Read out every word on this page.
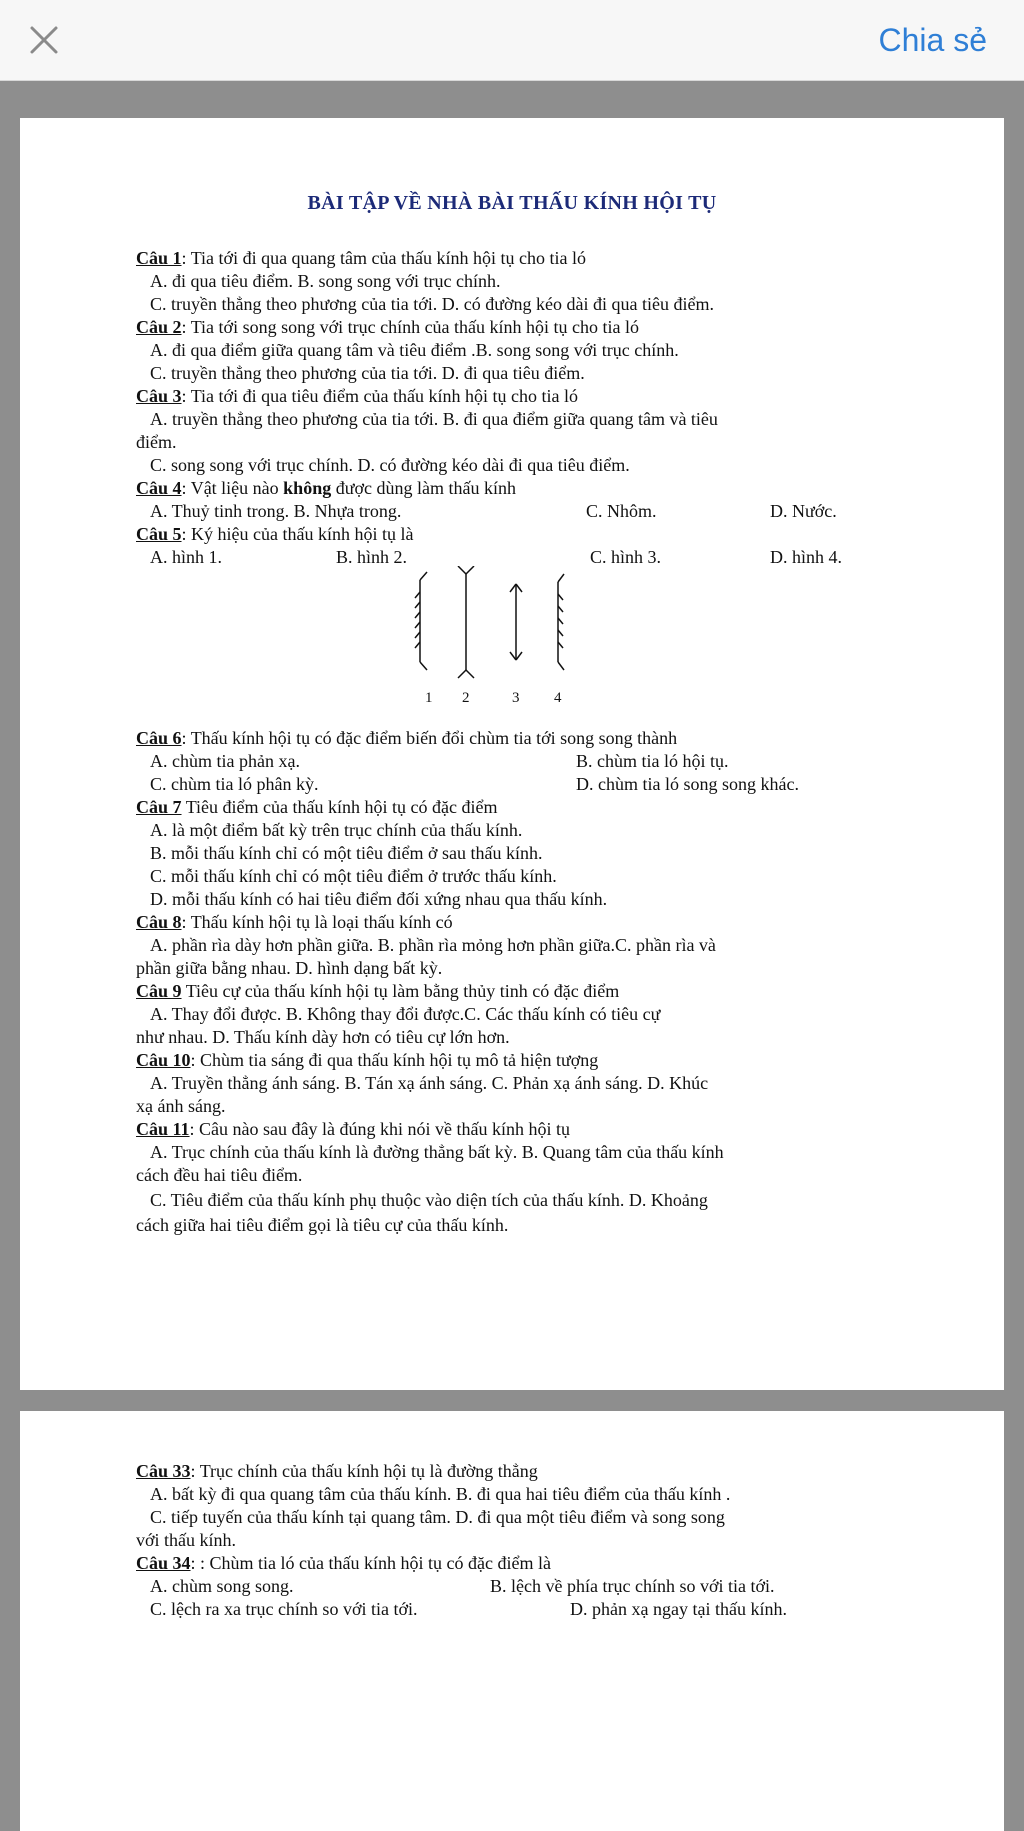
Chia sẻ
BÀI TẬP VỀ NHÀ BÀI THẤU KÍNH HỘI TỤ
Câu 1: Tia tới đi qua quang tâm của thấu kính hội tụ cho tia ló
A. đi qua tiêu điểm. B. song song với trục chính.
C. truyền thẳng theo phương của tia tới. D. có đường kéo dài đi qua tiêu điểm.
Câu 2: Tia tới song song với trục chính của thấu kính hội tụ cho tia ló
A. đi qua điểm giữa quang tâm và tiêu điểm .B. song song với trục chính.
C. truyền thẳng theo phương của tia tới. D. đi qua tiêu điểm.
Câu 3: Tia tới đi qua tiêu điểm của thấu kính hội tụ cho tia ló
A. truyền thẳng theo phương của tia tới. B. đi qua điểm giữa quang tâm và tiêu
điểm.
C. song song với trục chính. D. có đường kéo dài đi qua tiêu điểm.
Câu 4: Vật liệu nào không được dùng làm thấu kính
A. Thuỷ tinh trong. B. Nhựa trong.	C. Nhôm.	D. Nước.
Câu 5: Ký hiệu của thấu kính hội tụ là
A. hình 1.	B. hình 2.	C. hình 3.	D. hình 4.
1 2	3 4
Câu 6: Thấu kính hội tụ có đặc điểm biến đổi chùm tia tới song song thành
A. chùm tia phản xạ.	B. chùm tia ló hội tụ.
C. chùm tia ló phân kỳ.	D. chùm tia ló song song khác.
Câu 7 Tiêu điểm của thấu kính hội tụ có đặc điểm
A. là một điểm bất kỳ trên trục chính của thấu kính.
B. mỗi thấu kính chỉ có một tiêu điểm ở sau thấu kính.
C. mỗi thấu kính chỉ có một tiêu điểm ở trước thấu kính.
D. mỗi thấu kính có hai tiêu điểm đối xứng nhau qua thấu kính.
Câu 8: Thấu kính hội tụ là loại thấu kính có
A. phần rìa dày hơn phần giữa. B. phần rìa mỏng hơn phần giữa.C. phần rìa và
phần giữa bằng nhau. D. hình dạng bất kỳ.
Câu 9 Tiêu cự của thấu kính hội tụ làm bằng thủy tinh có đặc điểm
A. Thay đổi được. B. Không thay đổi được.C. Các thấu kính có tiêu cự
như nhau. D. Thấu kính dày hơn có tiêu cự lớn hơn.
Câu 10: Chùm tia sáng đi qua thấu kính hội tụ mô tả hiện tượng
A. Truyền thẳng ánh sáng. B. Tán xạ ánh sáng. C. Phản xạ ánh sáng. D. Khúc
xạ ánh sáng.
Câu 11: Câu nào sau đây là đúng khi nói về thấu kính hội tụ
A. Trục chính của thấu kính là đường thẳng bất kỳ. B. Quang tâm của thấu kính
cách đều hai tiêu điểm.
C. Tiêu điểm của thấu kính phụ thuộc vào diện tích của thấu kính. D. Khoảng
cách giữa hai tiêu điểm gọi là tiêu cự của thấu kính.
Câu 33: Trục chính của thấu kính hội tụ là đường thẳng
A. bất kỳ đi qua quang tâm của thấu kính. B. đi qua hai tiêu điểm của thấu kính .
C. tiếp tuyến của thấu kính tại quang tâm. D. đi qua một tiêu điểm và song song
với thấu kính.
Câu 34: : Chùm tia ló của thấu kính hội tụ có đặc điểm là
A. chùm song song.	B. lệch về phía trục chính so với tia tới.
C. lệch ra xa trục chính so với tia tới.	D. phản xạ ngay tại thấu kính.
